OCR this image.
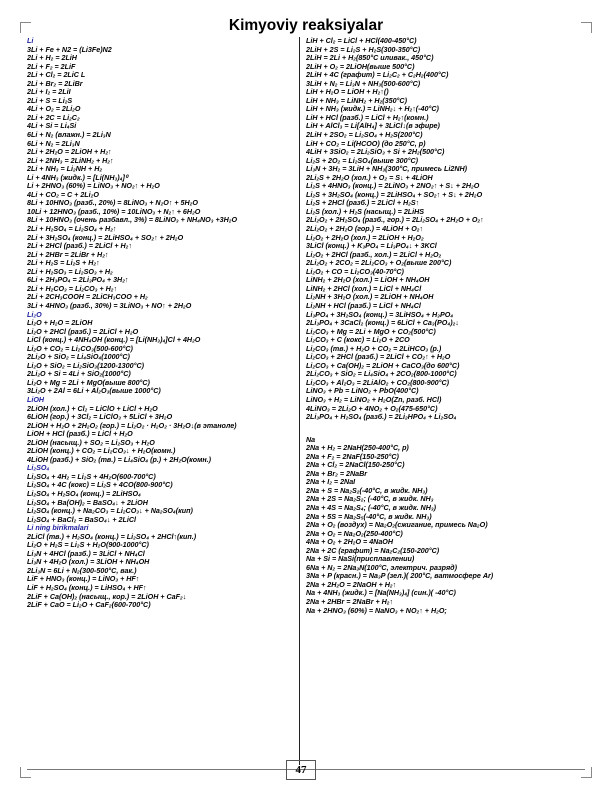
Kimyoviy reaksiyalar
Li
3Li + Fe + N2 = (Li3Fe)N2
2Li + H₂ = 2LiH
2Li + F₂ = 2LiF
2Li + Cl₂ = 2LiC L
2Li + Br₂ = 2LiBr
2Li + I₂ = 2LiI
2Li + S = Li₂S
4Li + O₂ = 2Li₂O
2Li + 2C = Li₂C₂
4Li + Si = Li₄Si
6Li + N₂ (влажн.) = 2Li₃N
6Li + N₂ = 2Li₃N
2Li + 2H₂O = 2LiOH + H₂↑
2Li + 2NH₃ = 2LiNH₂ + H₂↑
2Li + NH₃ = Li₂NH + H₂
Li + 4NH₃ (жидк.) = [Li(NH₃)₄]⁰
Li + 2HNO₃ (60%) = LiNO₃ + NO₂↑ + H₂O
4Li + CO₂ = C + 2Li₂O
8Li + 10HNO₃ (разб., 20%) = 8LiNO₃ + N₂O↑ + 5H₂O
10Li + 12HNO₃ (разб., 10%) = 10LiNO₃ + N₂↑ + 6H₂O
8Li + 10HNO₃ (очень разбавл., 3%) = 8LiNO₃ + NH₄NO₃ +3H₂O
2Li + H₂SO₄ = Li₂SO₄ + H₂↑
2Li + 3H₂SO₄ (конц.) = 2LiHSO₄ + SO₂↑ + 2H₂O
2Li + 2HCl (разб.) = 2LiCl + H₂↑
2Li + 2HBr = 2LiBr + H₂↑
2Li + H₂S = Li₂S + H₂↑
2Li + H₂SO₃ = Li₂SO₃ + H₂
6Li + 2H₃PO₄ = 2Li₃PO₄ + 3H₂↑
2Li + H₂CO₃ = Li₂CO₃ + H₂↑
2Li + 2CH₃COOH = 2LiCH₃COO + H₂
3Li + 4HNO₃ (разб., 30%) = 3LiNO₃ + NO↑ + 2H₂O
Li₂O
Li₂O + H₂O = 2LiOH
Li₂O + 2HCl (разб.) = 2LiCl + H₂O
LiCl (конц.) + 4NH₄OH (конц.) = [Li(NH₃)₄]Cl + 4H₂O
Li₂O + CO₂ = Li₂CO₃(500-600°C)
2Li₂O + SiO₂ = Li₄SiO₄(1000°C)
Li₂O + SiO₂ = Li₂SiO₃(1200-1300°C)
2Li₂O + Si = 4Li + SiO₂(1000°C)
Li₂O + Mg = 2Li + MgO(выше 800°C)
3Li₂O + 2Al = 6Li + Al₂O₃(выше 1000°C)
LiOH
2LiOH (хол.) + Cl₂ = LiClO + LiCl + H₂O
6LiOH (гор.) + 3Cl₂ = LiClO₃ + 5LiCl + 3H₂O
2LiOH + H₂O + 2H₂O₂ (гор.) = Li₂O₂ · H₂O₂ · 3H₂O↓(в этаноле)
LiOH + HCl (разб.) = LiCl + H₂O
2LiOH (насыщ.) + SO₂ = Li₂SO₃ + H₂O
2LiOH (конц.) + CO₂ = Li₂CO₃↓ + H₂O(комн.)
4LiOH (разб.) + SiO₂ (тв.) = Li₄SiO₄ (р.) + 2H₂O(комн.)
Li₂SO₄
Li₂SO₄ + 4H₂ = Li₂S + 4H₂O(600-700°C)
Li₂SO₄ + 4C (кокс) = Li₂S + 4CO(800-900°C)
Li₂SO₄ + H₂SO₄ (конц.) = 2LiHSO₄
Li₂SO₄ + Ba(OH)₂ = BaSO₄↓ + 2LiOH
Li₂SO₄ (конц.) + Na₂CO₃ = Li₂CO₃↓ + Na₂SO₄(кип)
Li₂SO₄ + BaCl₂ = BaSO₄↓ + 2LiCl
Li ning birikmalari
2LiCl (тв.) + H₂SO₄ (конц.) = Li₂SO₄ + 2HCl↑(кип.)
Li₂O + H₂S = Li₂S + H₂O(900-1000°C)
Li₃N + 4HCl (разб.) = 3LiCl + NH₄Cl
Li₃N + 4H₂O (хол.) = 3LiOH + NH₄OH
2Li₃N = 6Li + N₂(300-500°C, вак.)
LiF + HNO₃ (конц.) = LiNO₃ + HF↑
LiF + H₂SO₄ (конц.) = LiHSO₄ + HF↑
2LiF + Ca(OH)₂ (насыщ., кор.) = 2LiOH + CaF₂↓
2LiF + CaO = Li₂O + CaF₂(600-700°C)
LiH + Cl₂ = LiCl + HCl(400-450°C)
2LiH + 2S = Li₂S + H₂S(300-350°C)
2LiH = 2Li + H₂(850°C иливак., 450°C)
2LiH + O₂ = 2LiOH(выше 500°C)
2LiH + 4C (графит) = Li₂C₂ + C₂H₂(400°C)
3LiH + N₂ = Li₃N + NH₃(500-600°C)
LiH + H₂O = LiOH + H₂↑()
LiH + NH₃ = LiNH₂ + H₂(350°C)
LiH + NH₃ (жидк.) = LiNH₂↓ + H₂↑(-40°C)
LiH + HCl (разб.) = LiCl + H₂↑(комн.)
LiH + AlCl₃ = Li[AlH₄] + 3LiCl↓(в эфире)
2LiH + 2SO₂ = Li₂SO₄ + H₂S(200°C)
LiH + CO₂ = Li(HCOO) (до 250°C, р)
4LiH + 3SiO₂ = 2Li₂SiO₃ + Si + 2H₂(500°C)
Li₂S + 2O₂ = Li₂SO₄(выше 300°C)
Li₃N + 3H₂ = 3LiH + NH₃(300°C, примесь Li2NH)
2Li₂S + 2H₂O (хол.) + O₂ = S↓ + 4LiOH
Li₂S + 4HNO₃ (конц.) = 2LiNO₃ + 2NO₂↑ + S↓ + 2H₂O
Li₂S + 3H₂SO₄ (конц.) = 2LiHSO₄ + SO₂↑ + S↓ + 2H₂O
Li₂S + 2HCl (разб.) = 2LiCl + H₂S↑
Li₂S (хол.) + H₂S (насыщ.) = 2LiHS
2Li₂O₂ + 2H₂SO₄ (разб., гор.) = 2Li₂SO₄ + 2H₂O + O₂↑
2Li₂O₂ + 2H₂O (гор.) = 4LiOH + O₂↑
Li₂O₂ + 2H₂O (хол.) = 2LiOH + H₂O₂
3LiCl (конц.) + K₃PO₄ = Li₃PO₄↓ + 3KCl
Li₂O₂ + 2HCl (разб., хол.) = 2LiCl + H₂O₂
2Li₂O₂ + 2CO₂ = 2Li₂CO₃ + O₂(выше 200°C)
Li₂O₂ + CO = Li₂CO₃(40-70°C)
LiNH₂ + 2H₂O (хол.) = LiOH + NH₄OH
LiNH₂ + 2HCl (хол.) = LiCl + NH₄Cl
Li₂NH + 3H₂O (хол.) = 2LiOH + NH₄OH
Li₂NH + HCl (разб.) = LiCl + NH₄Cl
Li₃PO₄ + 3H₂SO₄ (конц.) = 3LiHSO₄ + H₃PO₄
2Li₃PO₄ + 3CaCl₂ (конц.) = 6LiCl + Ca₃(PO₄)₂↓
Li₂CO₃ + Mg = 2Li + MgO + CO₂(500°C)
Li₂CO₃ + C (кокс) = Li₂O + 2CO
Li₂CO₃ (тв.) + H₂O + CO₂ = 2LiHCO₃ (р.)
Li₂CO₃ + 2HCl (разб.) = 2LiCl + CO₂↑ + H₂O
Li₂CO₃ + Ca(OH)₂ = 2LiOH + CaCO₃(до 600°C)
2Li₂CO₃ + SiO₂ = Li₄SiO₄ + 2CO₂(800-1000°C)
Li₂CO₃ + Al₂O₃ = 2LiAlO₂ + CO₂(800-900°C)
LiNO₃ + Pb = LiNO₂ + PbO(400°C)
LiNO₃ + H₂ = LiNO₂ + H₂O(Zn, разб. HCl)
4LiNO₃ = 2Li₂O + 4NO₂ + O₂(475-650°C)
2Li₃PO₄ + H₂SO₄ (разб.) = 2Li₂HPO₄ + Li₂SO₄
Na
2Na + H₂ = 2NaH(250-400°C, p)
2Na + F₂ = 2NaF(150-250°C)
2Na + Cl₂ = 2NaCl(150-250°C)
2Na + Br₂ = 2NaBr
2Na + I₂ = 2NaI
2Na + S = Na₂S₂(-40°C, в жидк. NH₃)
2Na + 2S = Na₂S₂; (-40°C, в жидк. NH₃
2Na + 4S = Na₂S₄; (-40°C, в жидк. NH₃)
2Na + 5S = Na₂S₅(-40°C, в жидк. NH₃)
2Na + O₂ (воздух) = Na₂O₂(сжигание, примесь Na₂O)
2Na + O₂ = Na₂O₂(250-400°C)
4Na + O₂ + 2H₂O = 4NaOH
2Na + 2C (графит) = Na₂C₂(150-200°C)
Na + Si = NaSi(присплавлении)
6Na + N₂ = 2Na₃N(100°C, электрич. разряд)
3Na + P (красн.) = Na₃P (зел.)( 200°C, ватмосфере Ar)
2Na + 2H₂O = 2NaOH + H₂↑
Na + 4NH₃ (жидк.) = [Na(NH₃)₄] (син.)( -40°C)
2Na + 2HBr = 2NaBr + H₂↑
Na + 2HNO₃ (60%) = NaNO₃ + NO₂↑ + H₂O;
47
